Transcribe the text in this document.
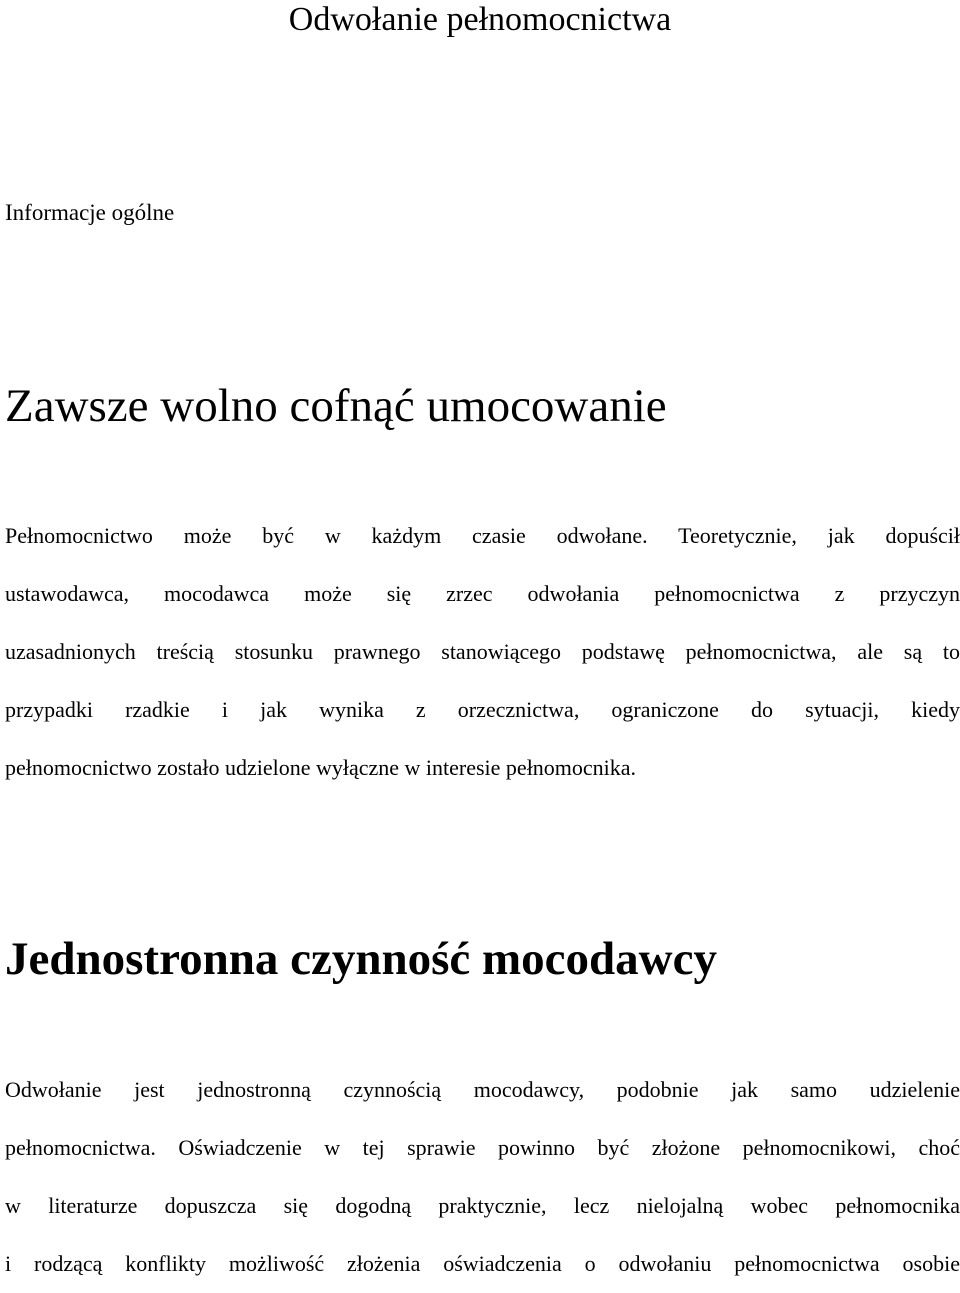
Odwołanie pełnomocnictwa
Informacje ogólne
Zawsze wolno cofnąć umocowanie
Pełnomocnictwo może być w każdym czasie odwołane. Teoretycznie, jak dopuścił
ustawodawca, mocodawca może się zrzec odwołania pełnomocnictwa z przyczyn
uzasadnionych treścią stosunku prawnego stanowiącego podstawę pełnomocnictwa, ale są to
przypadki rzadkie i jak wynika z orzecznictwa, ograniczone do sytuacji, kiedy
pełnomocnictwo zostało udzielone wyłączne w interesie pełnomocnika.
Jednostronna czynność mocodawcy
Odwołanie jest jednostronną czynnością mocodawcy, podobnie jak samo udzielenie
pełnomocnictwa. Oświadczenie w tej sprawie powinno być złożone pełnomocnikowi, choć
w literaturze dopuszcza się dogodną praktycznie, lecz nielojalną wobec pełnomocnika
i rodzącą konflikty możliwość złożenia oświadczenia o odwołaniu pełnomocnictwa osobie
